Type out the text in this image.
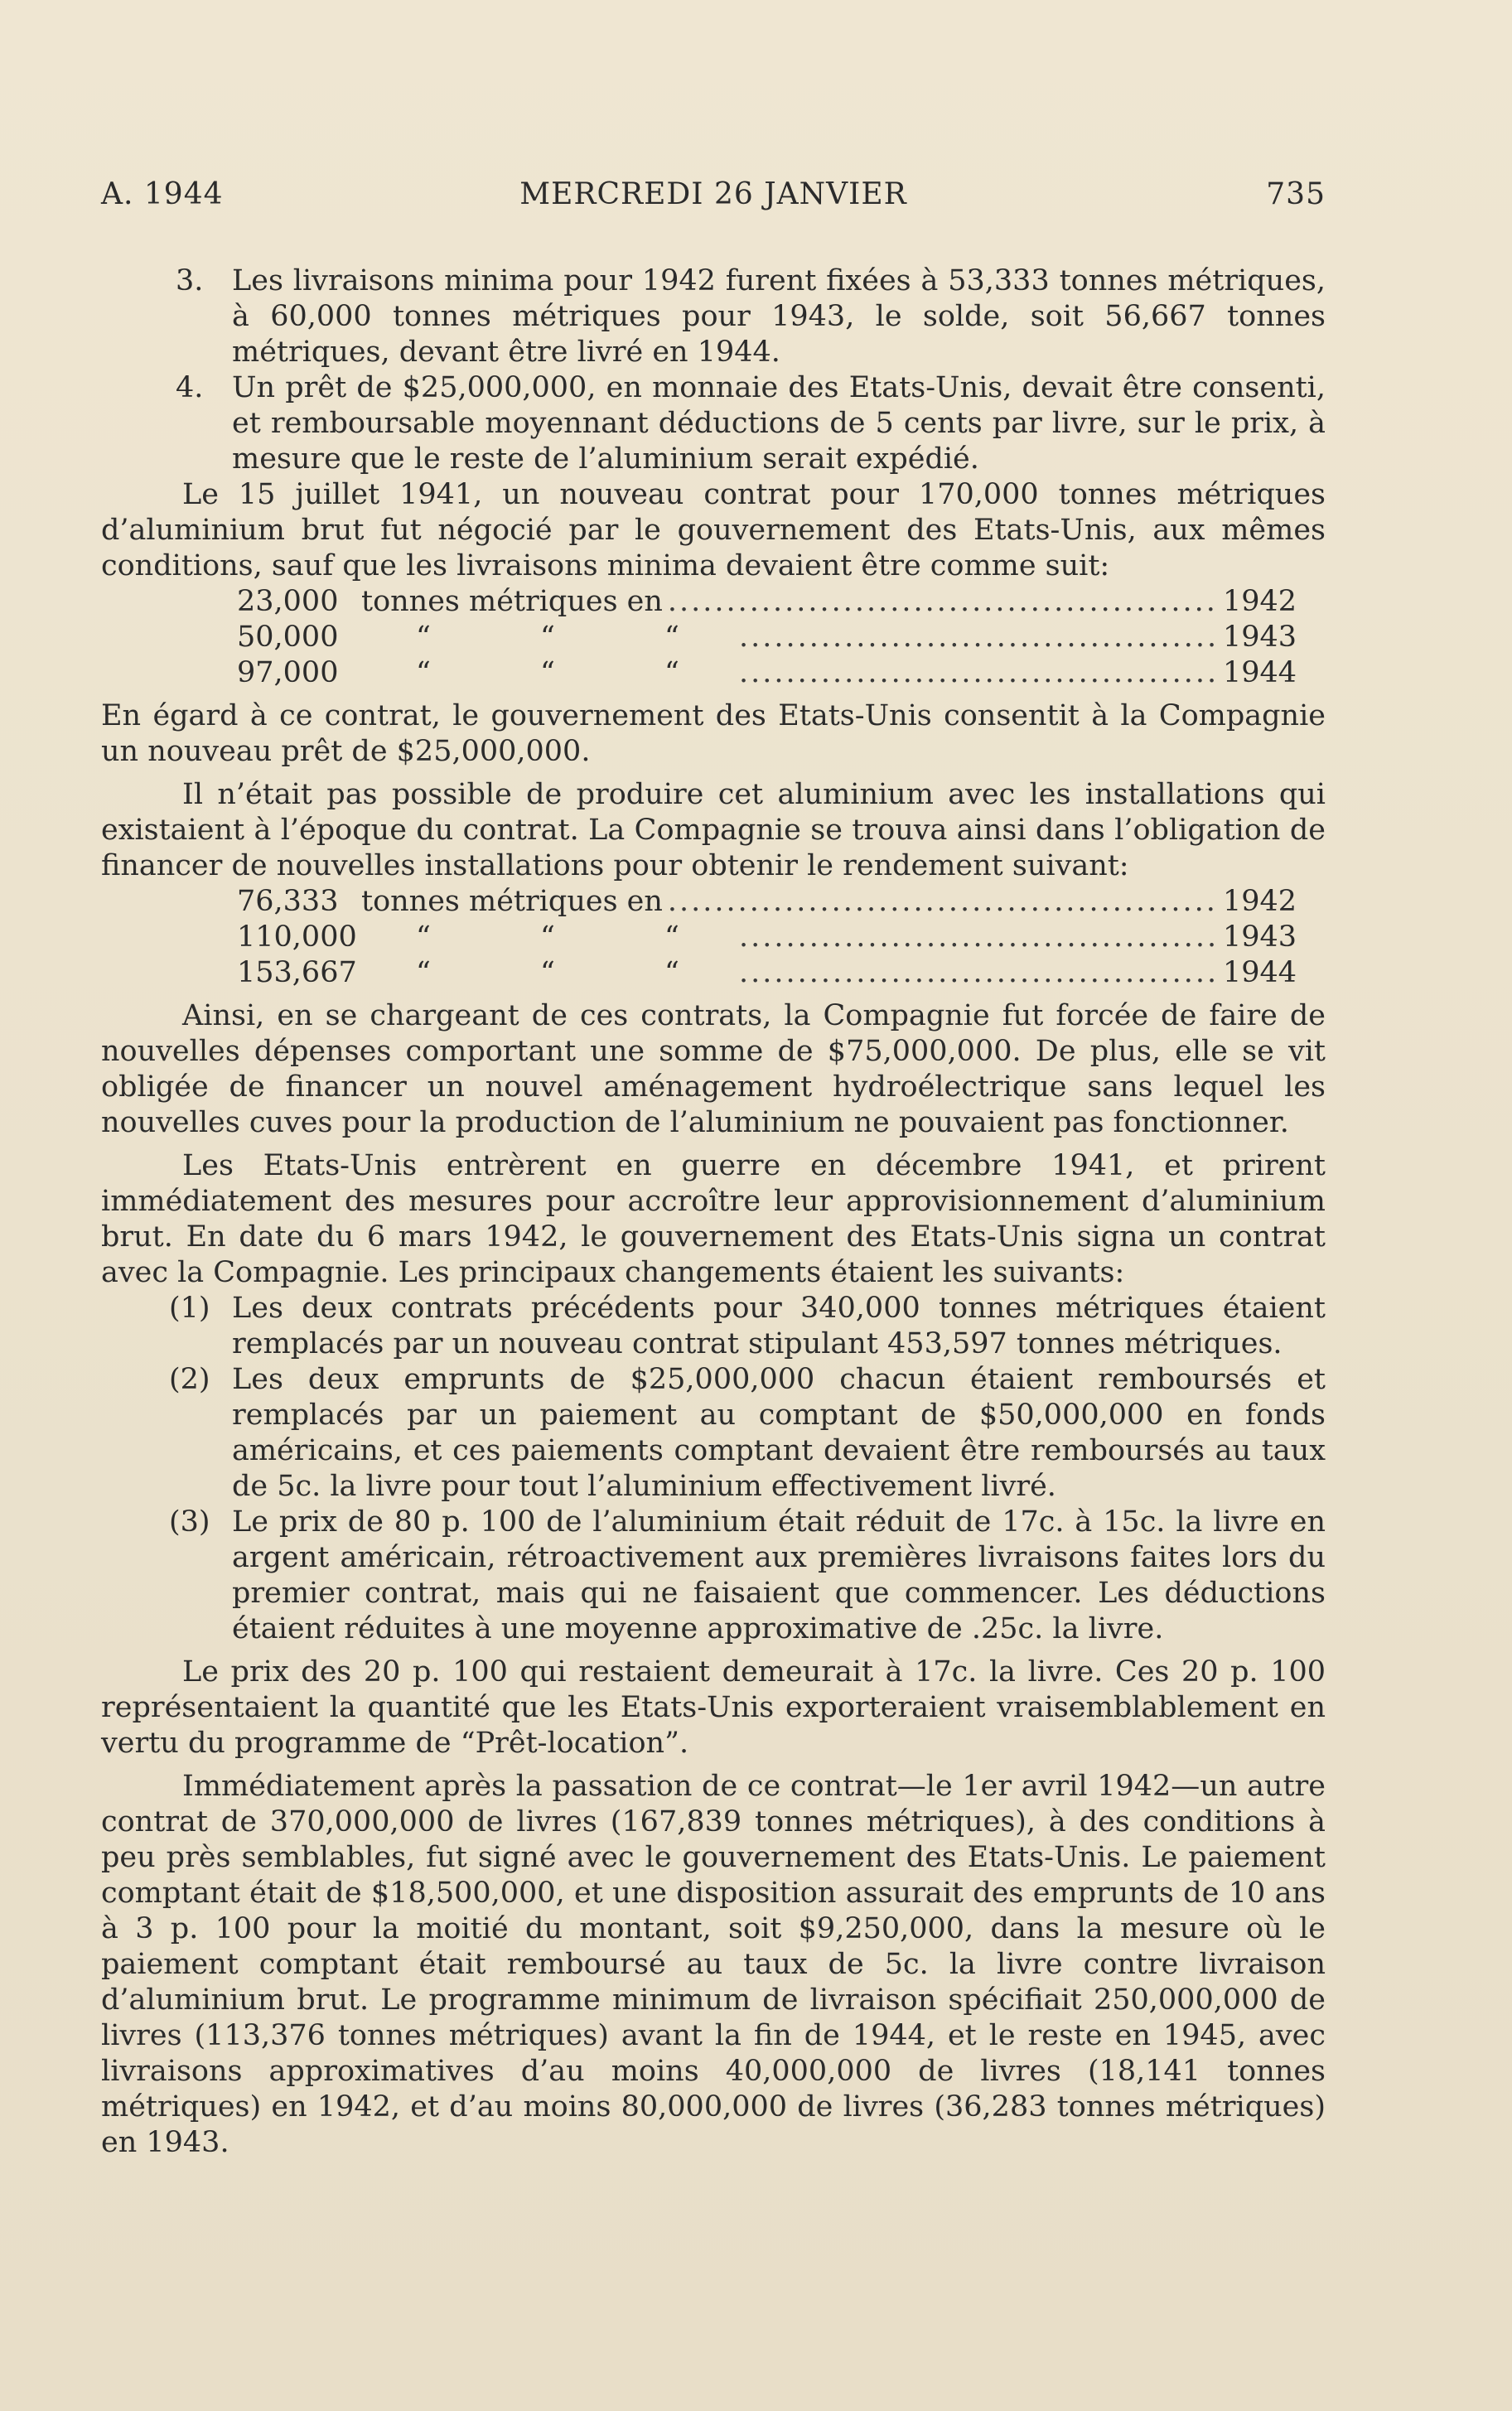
A. 1944	MERCREDI 26 JANVIER	735
3. Les livraisons minima pour 1942 furent fixées à 53,333 tonnes métriques, à 60,000 tonnes métriques pour 1943, le solde, soit 56,667 tonnes métriques, devant être livré en 1944.
4. Un prêt de $25,000,000, en monnaie des Etats-Unis, devait être consenti, et remboursable moyennant déductions de 5 cents par livre, sur le prix, à mesure que le reste de l’aluminium serait expédié.

Le 15 juillet 1941, un nouveau contrat pour 170,000 tonnes métriques d’aluminium brut fut négocié par le gouvernement des Etats-Unis, aux mêmes conditions, sauf que les livraisons minima devaient être comme suit:

23,000 tonnes métriques en .....	1942
50,000	“	“	“ .....	1943
97,000	“	“	“ .....	1944

En égard à ce contrat, le gouvernement des Etats-Unis consentit à la Compagnie un nouveau prêt de $25,000,000.

Il n’était pas possible de produire cet aluminium avec les installations qui existaient à l’époque du contrat. La Compagnie se trouva ainsi dans l’obligation de financer de nouvelles installations pour obtenir le rendement suivant:

76,333 tonnes métriques en .....	1942
110,000	“	“	“ .....	1943
153,667	“	“	“ .....	1944

Ainsi, en se chargeant de ces contrats, la Compagnie fut forcée de faire de nouvelles dépenses comportant une somme de $75,000,000. De plus, elle se vit obligée de financer un nouvel aménagement hydroélectrique sans lequel les nouvelles cuves pour la production de l’aluminium ne pouvaient pas fonctionner.

Les Etats-Unis entrèrent en guerre en décembre 1941, et prirent immédiatement des mesures pour accroître leur approvisionnement d’aluminium brut. En date du 6 mars 1942, le gouvernement des Etats-Unis signa un contrat avec la Compagnie. Les principaux changements étaient les suivants:

(1) Les deux contrats précédents pour 340,000 tonnes métriques étaient remplacés par un nouveau contrat stipulant 453,597 tonnes métriques.
(2) Les deux emprunts de $25,000,000 chacun étaient remboursés et remplacés par un paiement au comptant de $50,000,000 en fonds américains, et ces paiements comptant devaient être remboursés au taux de 5c. la livre pour tout l’aluminium effectivement livré.
(3) Le prix de 80 p. 100 de l’aluminium était réduit de 17c. à 15c. la livre en argent américain, rétroactivement aux premières livraisons faites lors du premier contrat, mais qui ne faisaient que commencer. Les déductions étaient réduites à une moyenne approximative de .25c. la livre.

Le prix des 20 p. 100 qui restaient demeurait à 17c. la livre. Ces 20 p. 100 représentaient la quantité que les Etats-Unis exporteraient vraisemblablement en vertu du programme de “Prêt-location”.

Immédiatement après la passation de ce contrat—le 1er avril 1942—un autre contrat de 370,000,000 de livres (167,839 tonnes métriques), à des conditions à peu près semblables, fut signé avec le gouvernement des Etats-Unis. Le paiement comptant était de $18,500,000, et une disposition assurait des emprunts de 10 ans à 3 p. 100 pour la moitié du montant, soit $9,250,000, dans la mesure où le paiement comptant était remboursé au taux de 5c. la livre contre livraison d’aluminium brut. Le programme minimum de livraison spécifiait 250,000,000 de livres (113,376 tonnes métriques) avant la fin de 1944, et le reste en 1945, avec livraisons approximatives d’au moins 40,000,000 de livres (18,141 tonnes métriques) en 1942, et d’au moins 80,000,000 de livres (36,283 tonnes métriques) en 1943.
